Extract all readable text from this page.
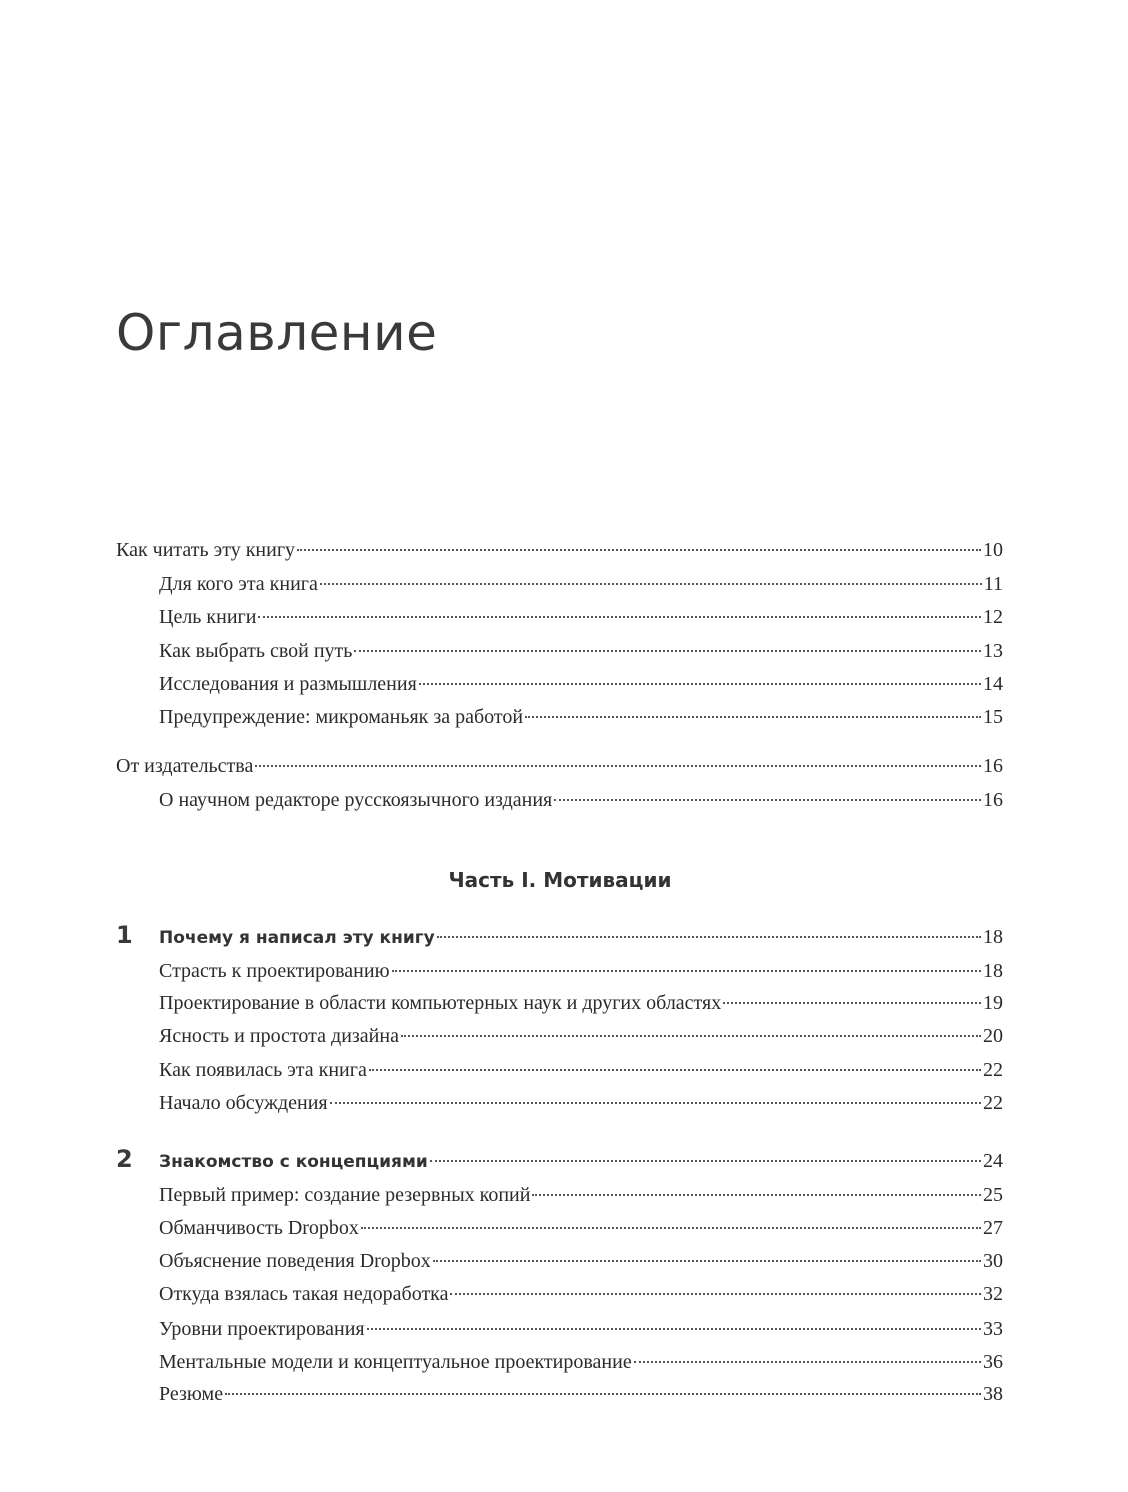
Оглавление
Как читать эту книгу	10
Для кого эта книга	11
Цель книги	12
Как выбрать свой путь	13
Исследования и размышления	14
Предупреждение: микроманьяк за работой	15
От издательства	16
О научном редакторе русскоязычного издания	16
Часть I. Мотивации
1 Почему я написал эту книгу	18
Страсть к проектированию	18
Проектирование в области компьютерных наук и других областях	19
Ясность и простота дизайна	20
Как появилась эта книга	22
Начало обсуждения	22
2 Знакомство с концепциями	24
Первый пример: создание резервных копий	25
Обманчивость Dropbox	27
Объяснение поведения Dropbox	30
Откуда взялась такая недоработка	32
Уровни проектирования	33
Ментальные модели и концептуальное проектирование	36
Резюме	38
